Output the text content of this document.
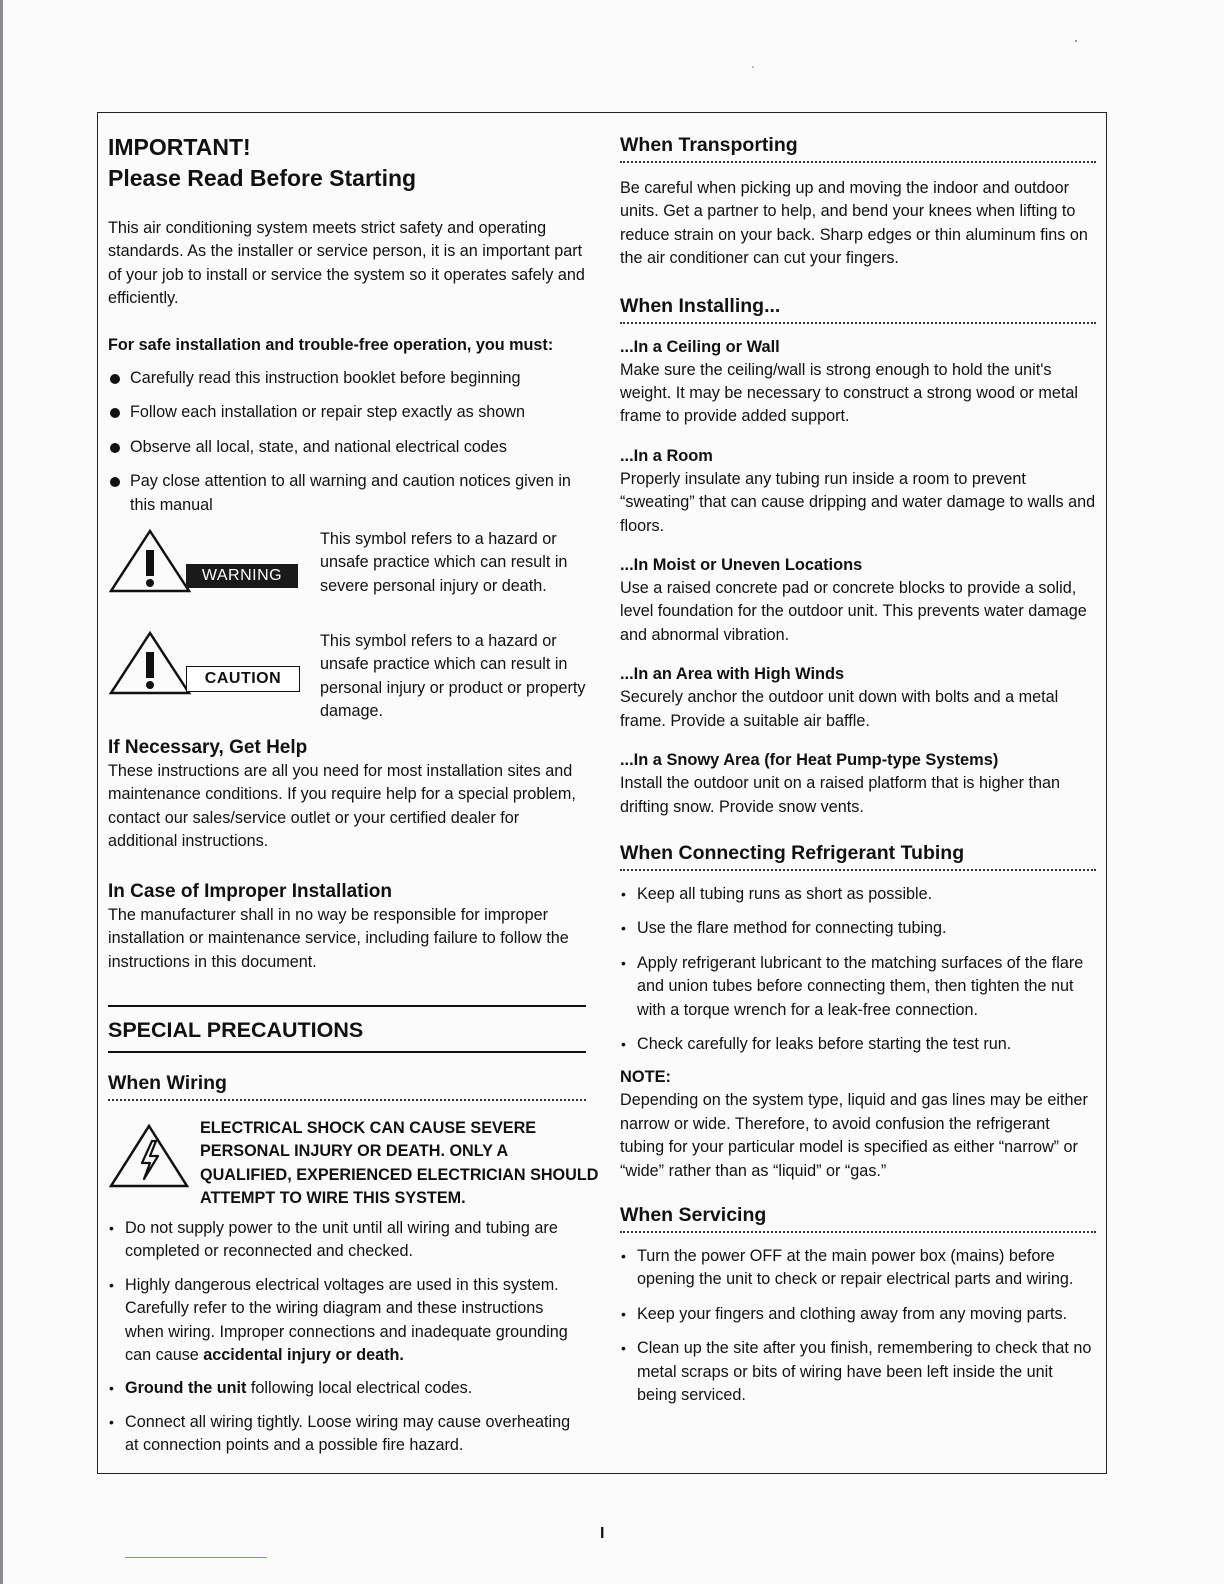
IMPORTANT!
Please Read Before Starting

This air conditioning system meets strict safety and operating standards. As the installer or service person, it is an important part of your job to install or service the system so it operates safely and efficiently.

For safe installation and trouble-free operation, you must:

Carefully read this instruction booklet before beginning
Follow each installation or repair step exactly as shown
Observe all local, state, and national electrical codes
Pay close attention to all warning and caution notices given in this manual
WARNING
This symbol refers to a hazard or unsafe practice which can result in severe personal injury or death.
CAUTION
This symbol refers to a hazard or unsafe practice which can result in personal injury or product or property damage.
If Necessary, Get Help

These instructions are all you need for most installation sites and maintenance conditions. If you require help for a special problem, contact our sales/service outlet or your certified dealer for additional instructions.

In Case of Improper Installation

The manufacturer shall in no way be responsible for improper installation or maintenance service, including failure to follow the instructions in this document.

SPECIAL PRECAUTIONS
When Wiring
ELECTRICAL SHOCK CAN CAUSE SEVERE PERSONAL INJURY OR DEATH. ONLY A QUALIFIED, EXPERIENCED ELECTRICIAN SHOULD ATTEMPT TO WIRE THIS SYSTEM.
• Do not supply power to the unit until all wiring and tubing are completed or reconnected and checked.
• Highly dangerous electrical voltages are used in this system. Carefully refer to the wiring diagram and these instructions when wiring. Improper connections and inadequate grounding can cause accidental injury or death.
• Ground the unit following local electrical codes.
• Connect all wiring tightly. Loose wiring may cause overheating at connection points and a possible fire hazard.
When Transporting

Be careful when picking up and moving the indoor and outdoor units. Get a partner to help, and bend your knees when lifting to reduce strain on your back. Sharp edges or thin aluminum fins on the air conditioner can cut your fingers.

When Installing...
...In a Ceiling or Wall

Make sure the ceiling/wall is strong enough to hold the unit's weight. It may be necessary to construct a strong wood or metal frame to provide added support.

...In a Room

Properly insulate any tubing run inside a room to prevent “sweating” that can cause dripping and water damage to walls and floors.

...In Moist or Uneven Locations

Use a raised concrete pad or concrete blocks to provide a solid, level foundation for the outdoor unit. This prevents water damage and abnormal vibration.

...In an Area with High Winds

Securely anchor the outdoor unit down with bolts and a metal frame. Provide a suitable air baffle.

...In a Snowy Area (for Heat Pump-type Systems)

Install the outdoor unit on a raised platform that is higher than drifting snow. Provide snow vents.

When Connecting Refrigerant Tubing
• Keep all tubing runs as short as possible.
• Use the flare method for connecting tubing.
• Apply refrigerant lubricant to the matching surfaces of the flare and union tubes before connecting them, then tighten the nut with a torque wrench for a leak-free connection.
• Check carefully for leaks before starting the test run.
NOTE:

Depending on the system type, liquid and gas lines may be either narrow or wide. Therefore, to avoid confusion the refrigerant tubing for your particular model is specified as either “narrow” or “wide” rather than as “liquid” or “gas.”

When Servicing
• Turn the power OFF at the main power box (mains) before opening the unit to check or repair electrical parts and wiring.
• Keep your fingers and clothing away from any moving parts.
• Clean up the site after you finish, remembering to check that no metal scraps or bits of wiring have been left inside the unit being serviced.
I
